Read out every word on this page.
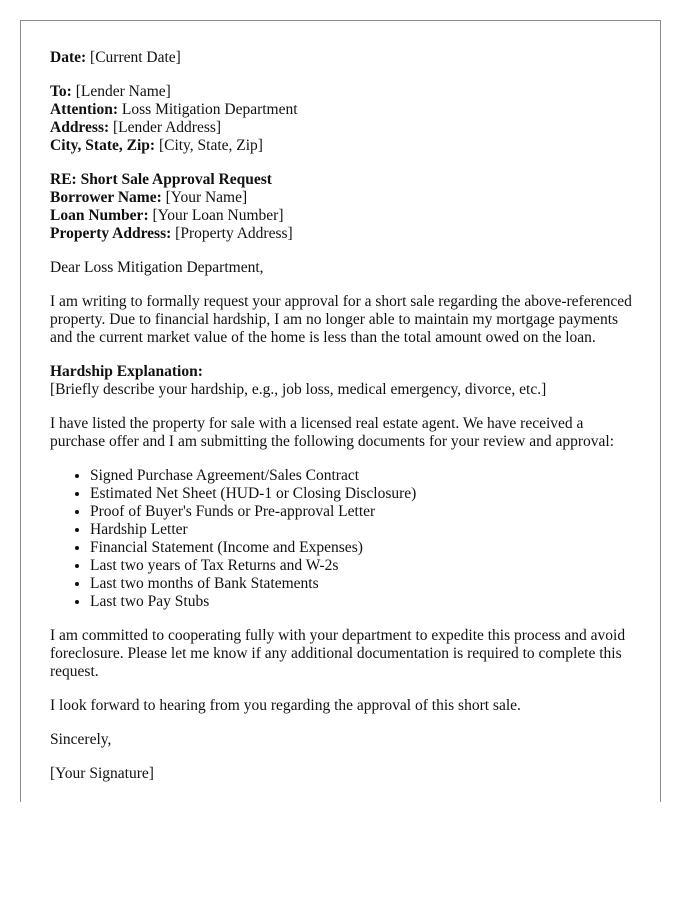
Date: [Current Date]
To: [Lender Name]
Attention: Loss Mitigation Department
Address: [Lender Address]
City, State, Zip: [City, State, Zip]
RE: Short Sale Approval Request
Borrower Name: [Your Name]
Loan Number: [Your Loan Number]
Property Address: [Property Address]

Dear Loss Mitigation Department,

I am writing to formally request your approval for a short sale regarding the above-referenced property. Due to financial hardship, I am no longer able to maintain my mortgage payments and the current market value of the home is less than the total amount owed on the loan.

Hardship Explanation:
[Briefly describe your hardship, e.g., job loss, medical emergency, divorce, etc.]

I have listed the property for sale with a licensed real estate agent. We have received a purchase offer and I am submitting the following documents for your review and approval:

• Signed Purchase Agreement/Sales Contract
• Estimated Net Sheet (HUD-1 or Closing Disclosure)
• Proof of Buyer's Funds or Pre-approval Letter
• Hardship Letter
• Financial Statement (Income and Expenses)
• Last two years of Tax Returns and W-2s
• Last two months of Bank Statements
• Last two Pay Stubs

I am committed to cooperating fully with your department to expedite this process and avoid foreclosure. Please let me know if any additional documentation is required to complete this request.

I look forward to hearing from you regarding the approval of this short sale.

Sincerely,

[Your Signature]
